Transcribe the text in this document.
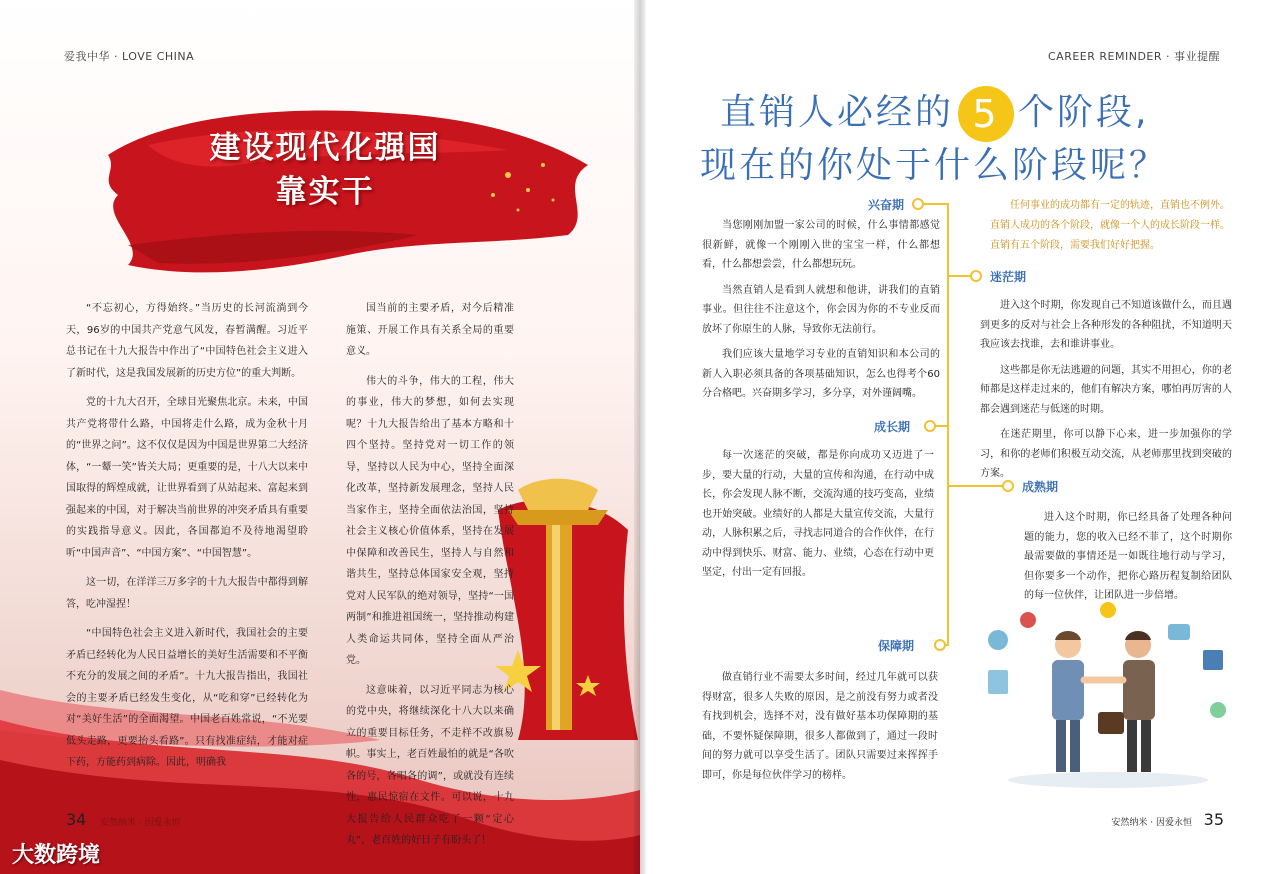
爱我中华 · LOVE CHINA
建设现代化强国
靠实干

“不忘初心，方得始终。”当历史的长河流淌到今天，96岁的中国共产党意气风发，春暂满醒。习近平总书记在十九大报告中作出了“中国特色社会主义进入了新时代，这是我国发展新的历史方位”的重大判断。

党的十九大召开，全球目光聚焦北京。未来，中国共产党将带什么路，中国将走什么路，成为金秋十月的“世界之问”。这不仅仅是因为中国是世界第二大经济体，“一颦一笑”皆关大局；更重要的是，十八大以来中国取得的辉煌成就，让世界看到了从站起来、富起来到强起来的中国，对于解决当前世界的冲突矛盾具有重要的实践指导意义。因此，各国都迫不及待地渴望聆听“中国声音”、“中国方案”、“中国智慧”。

这一切，在洋洋三万多字的十九大报告中都得到解答，吃冲湿捏！

“中国特色社会主义进入新时代，我国社会的主要矛盾已经转化为人民日益增长的美好生活需要和不平衡不充分的发展之间的矛盾”。十九大报告指出，我国社会的主要矛盾已经发生变化，从“吃和穿”已经转化为对“美好生活”的全面渴望。中国老百姓常说，“不光要低头走路，更要抬头看路”。只有找准症结，才能对症下药，方能药到病除。因此，明确我

国当前的主要矛盾，对今后精准施策、开展工作具有关系全局的重要意义。

伟大的斗争，伟大的工程，伟大的事业，伟大的梦想，如何去实现呢？十九大报告给出了基本方略和十四个坚持。坚持党对一切工作的领导，坚持以人民为中心，坚持全面深化改革，坚持新发展理念，坚持人民当家作主，坚持全面依法治国，坚持社会主义核心价值体系，坚持在发展中保障和改善民生，坚持人与自然和谐共生，坚持总体国家安全观，坚持党对人民军队的绝对领导，坚持“一国两制”和推进祖国统一，坚持推动构建人类命运共同体，坚持全面从严治党。

这意味着，以习近平同志为核心的党中央，将继续深化十八大以来确立的重要目标任务，不走样不改旗易帜。事实上，老百姓最怕的就是“各吹各的号，各唱各的调”，或就没有连续性，惠民惊宿在文件。可以说，十九大报告给人民群众吃了一颗“定心丸”，老百姓的好日子有盼头了！

34 安然纳米 · 因爱永恒
大数跨境
CAREER REMINDER · 事业提醒
直销人必经的 5 个阶段,
现在的你处于什么阶段呢？
任何事业的成功都有一定的轨迹，直销也不例外。直销人成功的各个阶段，就像一个人的成长阶段一样。直销有五个阶段，需要我们好好把握。
兴奋期

当您刚刚加盟一家公司的时候，什么事情都感觉很新鲜，就像一个刚刚入世的宝宝一样，什么都想看，什么都想尝尝，什么都想玩玩。

当然直销人是看到人就想和他讲，讲我们的直销事业。但往往不注意这个，你会因为你的不专业反而放坏了你原生的人脉，导致你无法前行。

我们应该大量地学习专业的直销知识和本公司的新人入职必须具备的各项基础知识，怎么也得考个60分合格吧。兴奋期多学习，多分享，对外谨阔嘴。

迷茫期

进入这个时期，你发现自己不知道该做什么，而且遇到更多的反对与社会上各种形发的各种阻扰，不知道明天我应该去找谁，去和谁讲事业。

这些都是你无法逃避的问题，其实不用担心，你的老师都是这样走过来的，他们有解决方案，哪怕再厉害的人都会遇到迷茫与低迷的时期。

在迷茫期里，你可以静下心来，进一步加强你的学习，和你的老师们积极互动交流，从老师那里找到突破的方案。

成长期

每一次迷茫的突破，都是你向成功又迈进了一步，要大量的行动，大量的宣传和沟通，在行动中成长，你会发现人脉不断，交流沟通的技巧变高，业绩也开始突破。业绩好的人都是大量宣传交流，大量行动，人脉积累之后，寻找志同道合的合作伙伴，在行动中得到快乐、财富、能力、业绩，心态在行动中更坚定，付出一定有回报。

成熟期

进入这个时期，你已经具备了处理各种问题的能力，您的收入已经不菲了，这个时期你最需要做的事情还是一如既往地行动与学习，但你要多一个动作，把你心路历程复制给团队的每一位伙伴，让团队进一步倍增。

保障期

做直销行业不需要太多时间，经过几年就可以获得财富，很多人失败的原因，是之前没有努力或者没有找到机会，选择不对，没有做好基本功保障期的基础，不要怀疑保障期，很多人都做到了，通过一段时间的努力就可以享受生活了。团队只需要过来挥挥手即可，你是每位伙伴学习的榜样。

35
安然纳米 · 因爱永恒
